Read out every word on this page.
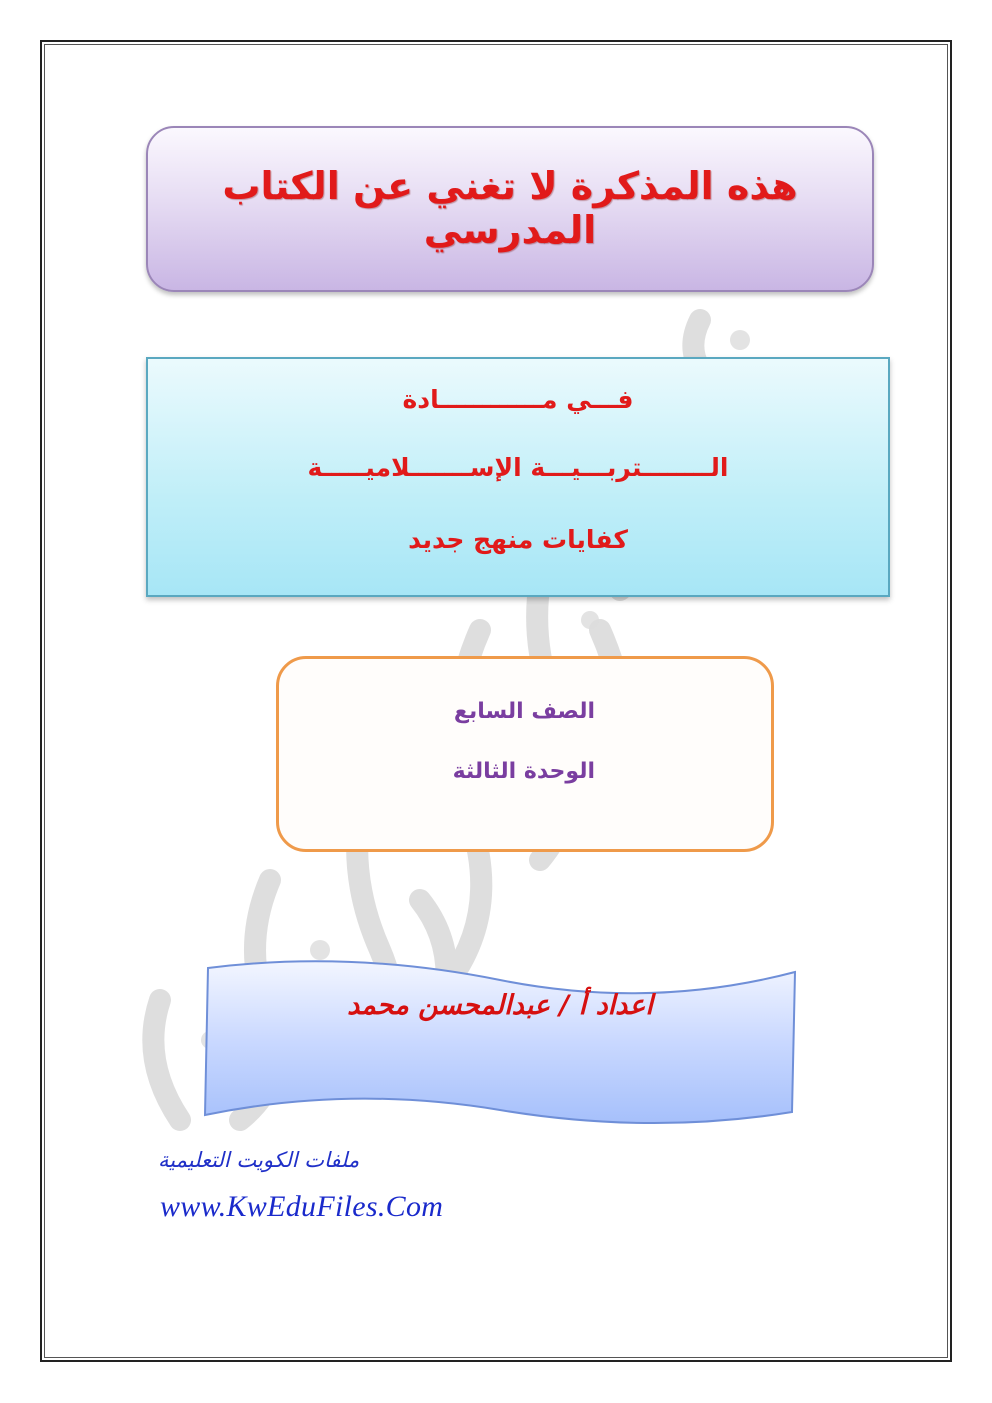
هذه المذكرة لا تغني عن الكتاب المدرسي
فـــي مــــــــــــادة
الــــــــتربـــيـــة الإســـــــلاميـــــة
كفايات منهج جديد
الصف السابع
الوحدة الثالثة
اعداد أ / عبدالمحسن محمد
ملفات الكويت التعليمية
www.KwEduFiles.Com
